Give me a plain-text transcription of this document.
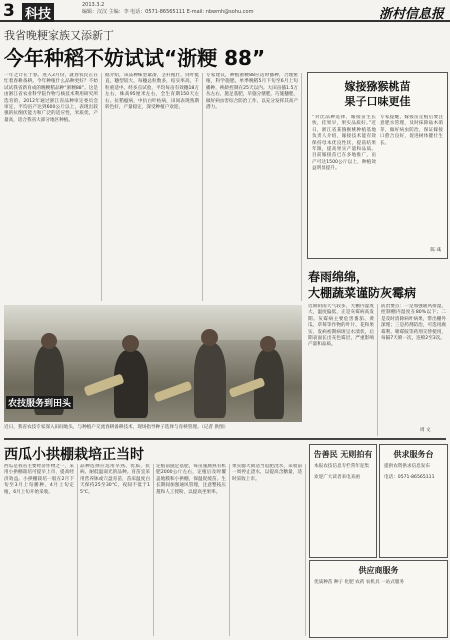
3 科技
2013.3.2
编辑：汉汉 主编：李 电话：0571-86565111 E-mail: nbwmh@sohu.com	浙村信息报
我省晚粳家族又添新丁
今年种稻不妨试试“浙粳 88”
一年之计在于春。进入3月份，就春农民正在忙着春耕备耕。今年种植什么品种更好？不妨试试我省新育成的晚粳稻品种“浙粳88”。这是由浙江省农业科学院作物与核技术利用研究所选育的，2012年通过浙江省品种审定委员会审定，平均亩产达到600公斤以上，表现出较强的抗倒伏能力和广泛的适应性，米质优，产量高，适合我省大部分地区种植。
据介绍，该品种株型紧凑，茎秆粗壮，剑叶挺直，穗型较大，每穗总粒数多，结实率高，千粒重适中。经多点试验，平均每亩有效穗18万左右，株高95厘米左右，全生育期150天左右。抗稻瘟病，中抗白叶枯病，田间表现熟期转色好，产量稳定，深受种植户欢迎。
专家建议，种植浙粳88应适时播种，合理密植，科学施肥。单季晚稻5月下旬至6月上旬播种，秧龄控制在25天以内。大田亩插1.5万丛左右，施足基肥，早施分蘖肥，巧施穗肥，做好病虫害综合防治工作，以充分发挥其高产潜力。
农技服务到田头
近日，我省农技专家深入田间地头，与种植户交流春耕备耕技术，现场指导种子选择与育秧管理。（记者 供图）
嫁接猕猴桃苗
果子口味更佳
“对比品种选择，嫁接苗生长快，挂果早，果实品质好。”近日，浙江省某猕猴桃种植基地负责人介绍，嫁接技术能有效保持母本优良性状，提前结果年限，提高果实产量和品质。目前嫁接苗已在多地推广，亩产可达1500公斤以上，种植效益明显提升。
专家提醒，嫁接苗定植后要注意肥水管理，及时抹除砧木萌芽，做好病虫防治，保证嫁接口愈合良好，促进树体健壮生长。
陈 彧
春雨绵绵，
大棚蔬菜谨防灰霉病
近期阴雨天气较多，大棚内湿度大，温度偏低，正是灰霉病高发期。灰霉病主要危害番茄、黄瓜、草莓等作物的叶片、花和果实，发病初期病斑呈水渍状，后期表面长出灰色霉层，严重影响产量和品质。
防治要点：一是加强通风排湿，控制棚内湿度在80%以下；二是及时清除病叶病果，带出棚外深埋；三是药剂防治，可选用腐霉利、嘧霉胺等药剂交替使用，每隔7天喷一次，连喷2至3次。
周 文
西瓜小拱棚栽培正当时
西瓜是我省主要经济作物之一，采用小拱棚栽培可提早上市，提高经济效益。小拱棚栽培一般在2月下旬至3月上旬播种，4月上旬定植，6月上旬开始采收。
品种选择应选用早熟、优质、抗病、耐低温弱光的品种。育苗宜采用营养钵或穴盘育苗，苗床温度白天保持25至30℃，夜间不低于15℃。
定植前施足基肥，每亩施腐熟有机肥2000公斤左右，定植后及时覆盖地膜和小拱棚，保温促缓苗。生长期间加强通风管理，注意整枝压蔓和人工授粉，以提高坐果率。
果实膨大期适当追肥浇水，采收前一周停止浇水，以提高含糖量，适时采收上市。
告善民 无则拍有
本报农技信息专栏常年征集
欢迎广大读者来电来函
供求服务台
提供农资供求信息发布
电话：0571-86565111
供应商服务
优质种苗 种子 化肥 农药 农机具 一站式服务
